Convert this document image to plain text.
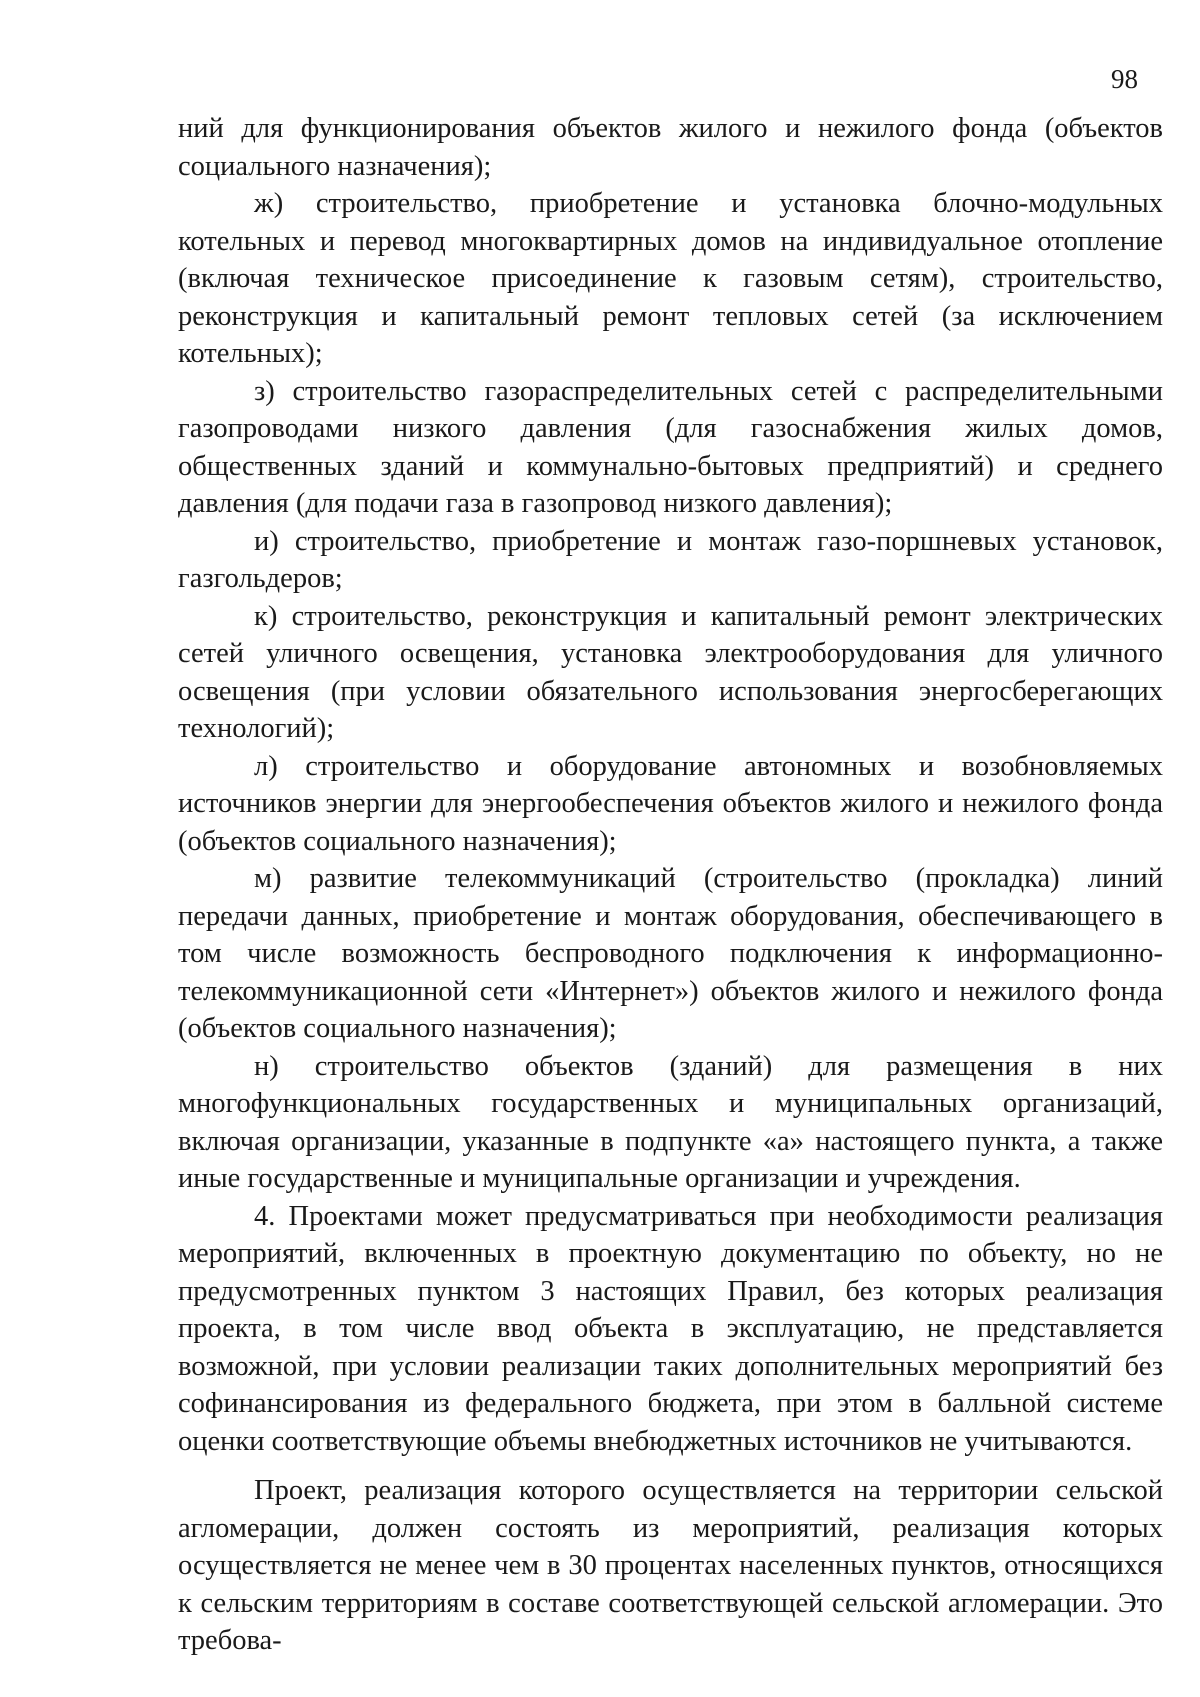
98

ний для функционирования объектов жилого и нежилого фонда (объектов социального назначения);

ж) строительство, приобретение и установка блочно-модульных котельных и перевод многоквартирных домов на индивидуальное отопление (включая техническое присоединение к газовым сетям), строительство, реконструкция и капитальный ремонт тепловых сетей (за исключением котельных);

з) строительство газораспределительных сетей с распределительными газопроводами низкого давления (для газоснабжения жилых домов, общественных зданий и коммунально-бытовых предприятий) и среднего давления (для подачи газа в газопровод низкого давления);

и) строительство, приобретение и монтаж газо-поршневых установок, газгольдеров;

к) строительство, реконструкция и капитальный ремонт электрических сетей уличного освещения, установка электрооборудования для уличного освещения (при условии обязательного использования энергосберегающих технологий);

л) строительство и оборудование автономных и возобновляемых источников энергии для энергообеспечения объектов жилого и нежилого фонда (объектов социального назначения);

м) развитие телекоммуникаций (строительство (прокладка) линий передачи данных, приобретение и монтаж оборудования, обеспечивающего в том числе возможность беспроводного подключения к информационно-телекоммуникационной сети «Интернет») объектов жилого и нежилого фонда (объектов социального назначения);

н) строительство объектов (зданий) для размещения в них многофункциональных государственных и муниципальных организаций, включая организации, указанные в подпункте «а» настоящего пункта, а также иные государственные и муниципальные организации и учреждения.

4. Проектами может предусматриваться при необходимости реализация мероприятий, включенных в проектную документацию по объекту, но не предусмотренных пунктом 3 настоящих Правил, без которых реализация проекта, в том числе ввод объекта в эксплуатацию, не представляется возможной, при условии реализации таких дополнительных мероприятий без софинансирования из федерального бюджета, при этом в балльной системе оценки соответствующие объемы внебюджетных источников не учитываются.

Проект, реализация которого осуществляется на территории сельской агломерации, должен состоять из мероприятий, реализация которых осуществляется не менее чем в 30 процентах населенных пунктов, относящихся к сельским территориям в составе соответствующей сельской агломерации. Это требова-
